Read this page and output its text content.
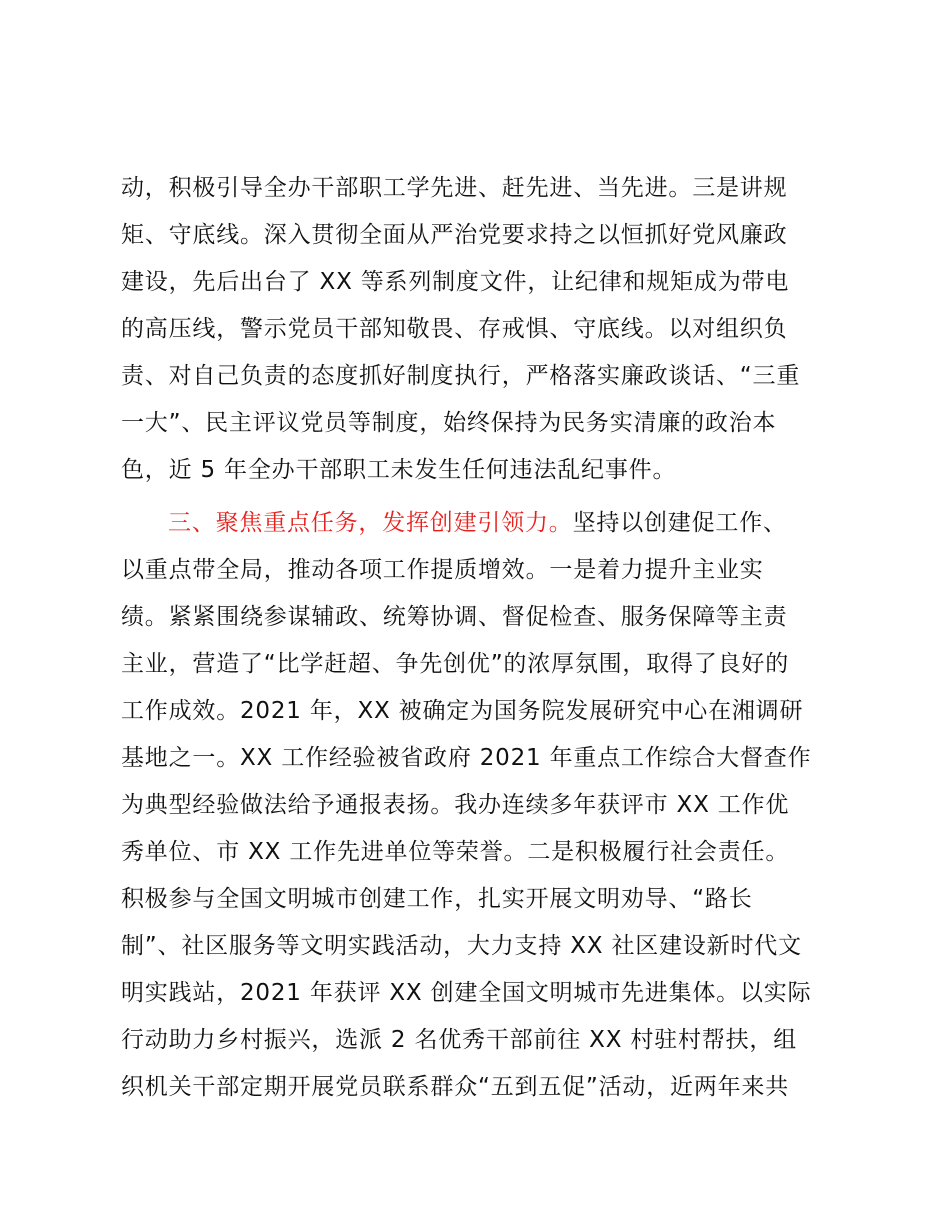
动，积极引导全办干部职工学先进、赶先进、当先进。三是讲规
矩、守底线。深入贯彻全面从严治党要求持之以恒抓好党风廉政
建设，先后出台了 XX 等系列制度文件，让纪律和规矩成为带电
的高压线，警示党员干部知敬畏、存戒惧、守底线。以对组织负
责、对自己负责的态度抓好制度执行，严格落实廉政谈话、“三重
一大”、民主评议党员等制度，始终保持为民务实清廉的政治本
色，近 5 年全办干部职工未发生任何违法乱纪事件。
三、聚焦重点任务，发挥创建引领力。坚持以创建促工作、
以重点带全局，推动各项工作提质增效。一是着力提升主业实
绩。紧紧围绕参谋辅政、统筹协调、督促检查、服务保障等主责
主业，营造了“比学赶超、争先创优”的浓厚氛围，取得了良好的
工作成效。2021 年，XX 被确定为国务院发展研究中心在湘调研
基地之一。XX 工作经验被省政府 2021 年重点工作综合大督查作
为典型经验做法给予通报表扬。我办连续多年获评市 XX 工作优
秀单位、市 XX 工作先进单位等荣誉。二是积极履行社会责任。
积极参与全国文明城市创建工作，扎实开展文明劝导、“路长
制”、社区服务等文明实践活动，大力支持 XX 社区建设新时代文
明实践站，2021 年获评 XX 创建全国文明城市先进集体。以实际
行动助力乡村振兴，选派 2 名优秀干部前往 XX 村驻村帮扶，组
织机关干部定期开展党员联系群众“五到五促”活动，近两年来共
